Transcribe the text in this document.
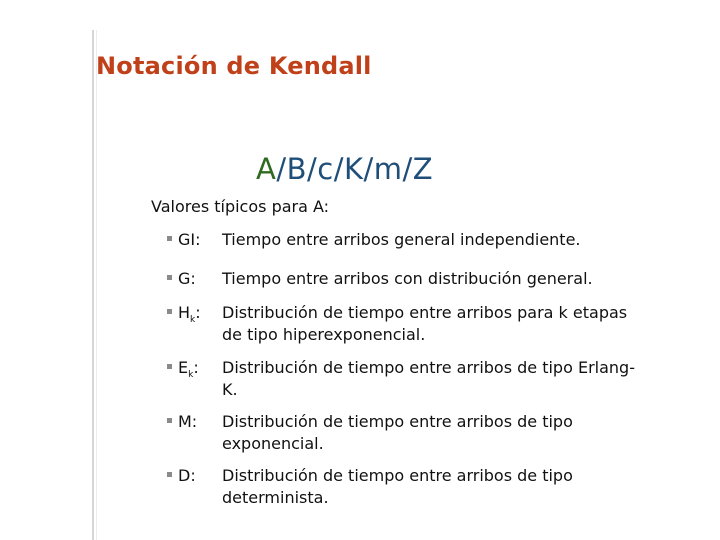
Notación de Kendall
A/B/c/K/m/Z
Valores típicos para A:
GI:	Tiempo entre arribos general independiente.
G:	Tiempo entre arribos con distribución general.
$H_k$:	Distribución de tiempo entre arribos para k etapas de tipo hiperexponencial.
$E_k$:	Distribución de tiempo entre arribos de tipo Erlang-K.
M:	Distribución de tiempo entre arribos de tipo exponencial.
D:	Distribución de tiempo entre arribos de tipo determinista.
